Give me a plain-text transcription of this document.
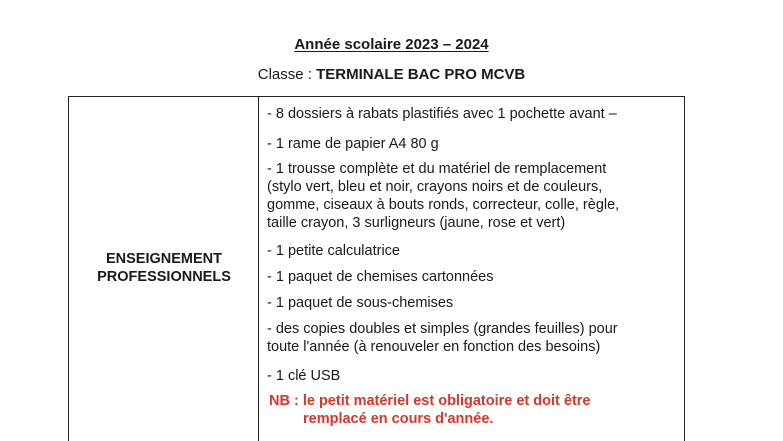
Année scolaire 2023 – 2024
Classe : TERMINALE BAC PRO MCVB
ENSEIGNEMENT
PROFESSIONNELS
- 8 dossiers à rabats plastifiés avec 1 pochette avant –
- 1 rame de papier A4 80 g
- 1 trousse complète et du matériel de remplacement
(stylo vert, bleu et noir, crayons noirs et de couleurs,
gomme, ciseaux à bouts ronds, correcteur, colle, règle,
taille crayon, 3 surligneurs (jaune, rose et vert)
- 1 petite calculatrice
- 1 paquet de chemises cartonnées
- 1 paquet de sous-chemises
- des copies doubles et simples (grandes feuilles) pour
toute l'année (à renouveler en fonction des besoins)
- 1 clé USB
NB : le petit matériel est obligatoire et doit être
remplacé en cours d'année.
